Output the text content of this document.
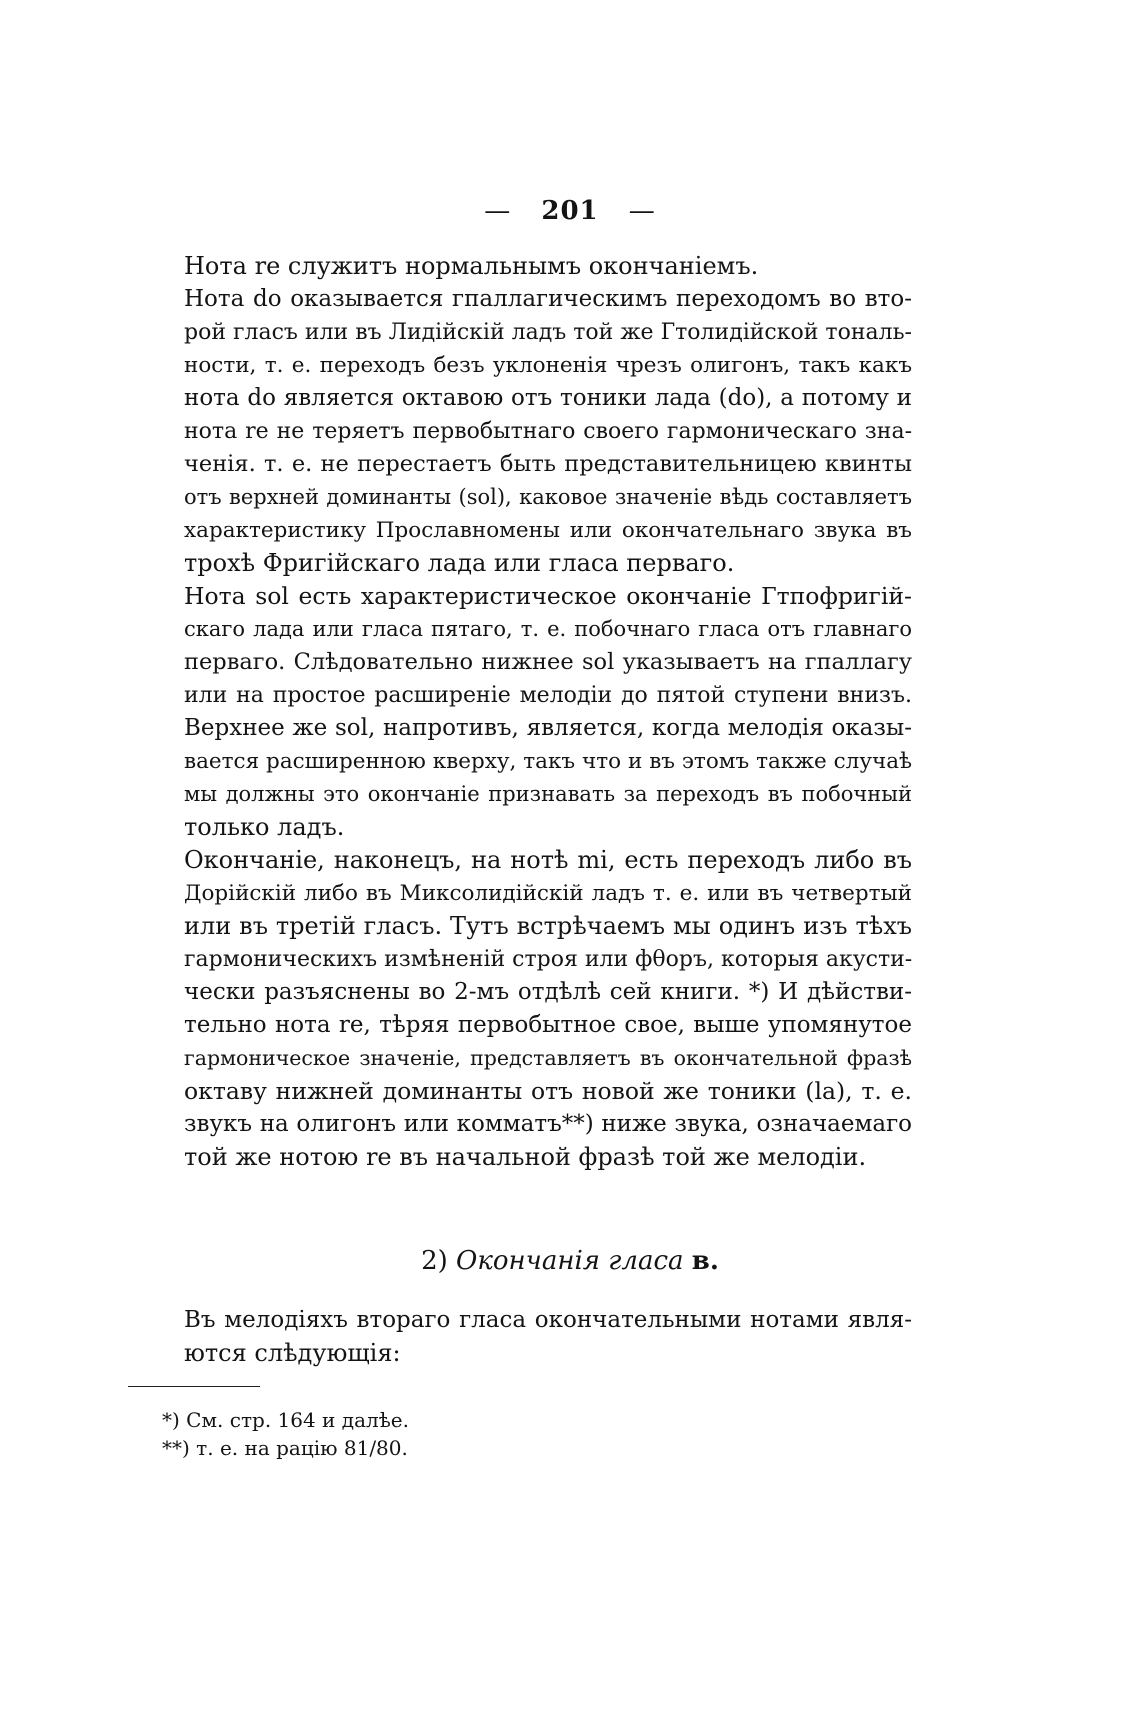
— 201 —
Нота re служитъ нормальнымъ окончаніемъ.
Нота do оказывается гпаллагическимъ переходомъ во вто-
рой гласъ или въ Лидійскій ладъ той же Гтолидійской тональ-
ности, т. е. переходъ безъ уклоненія чрезъ олигонъ, такъ какъ
нота do является октавою отъ тоники лада (do), а потому и
нота re не теряетъ первобытнаго своего гармоническаго зна-
ченія. т. е. не перестаетъ быть представительницею квинты
отъ верхней доминанты (sol), каковое значеніе вѣдь составляетъ
характеристику Прославномены или окончательнаго звука въ
трохѣ Фригійскаго лада или гласа перваго.
Нота sol есть характеристическое окончаніе Гтпофригій-
скаго лада или гласа пятаго, т. е. побочнаго гласа отъ главнаго
перваго. Слѣдовательно нижнее sol указываетъ на гпаллагу
или на простое расширеніе мелодіи до пятой ступени внизъ.
Верхнее же sol, напротивъ, является, когда мелодія оказы-
вается расширенною кверху, такъ что и въ этомъ также случаѣ
мы должны это окончаніе признавать за переходъ въ побочный
только ладъ.
Окончаніе, наконецъ, на нотѣ mi, есть переходъ либо въ
Дорійскій либо въ Миксолидійскій ладъ т. е. или въ четвертый
или въ третій гласъ. Тутъ встрѣчаемъ мы одинъ изъ тѣхъ
гармоническихъ измѣненій строя или фθоръ, которыя акусти-
чески разъяснены во 2-мъ отдѣлѣ сей книги. *) И дѣйстви-
тельно нота re, тѣряя первобытное свое, выше упомянутое
гармоническое значеніе, представляетъ въ окончательной фразѣ
октаву нижней доминанты отъ новой же тоники (la), т. е.
звукъ на олигонъ или комматъ**) ниже звука, означаемаго
той же нотою re въ начальной фразѣ той же мелодіи.
2) Окончанія гласа в.
Въ мелодіяхъ втораго гласа окончательными нотами явля-
ются слѣдующія:
*) См. стр. 164 и далѣе.
**) т. е. на рацію 81/80.
